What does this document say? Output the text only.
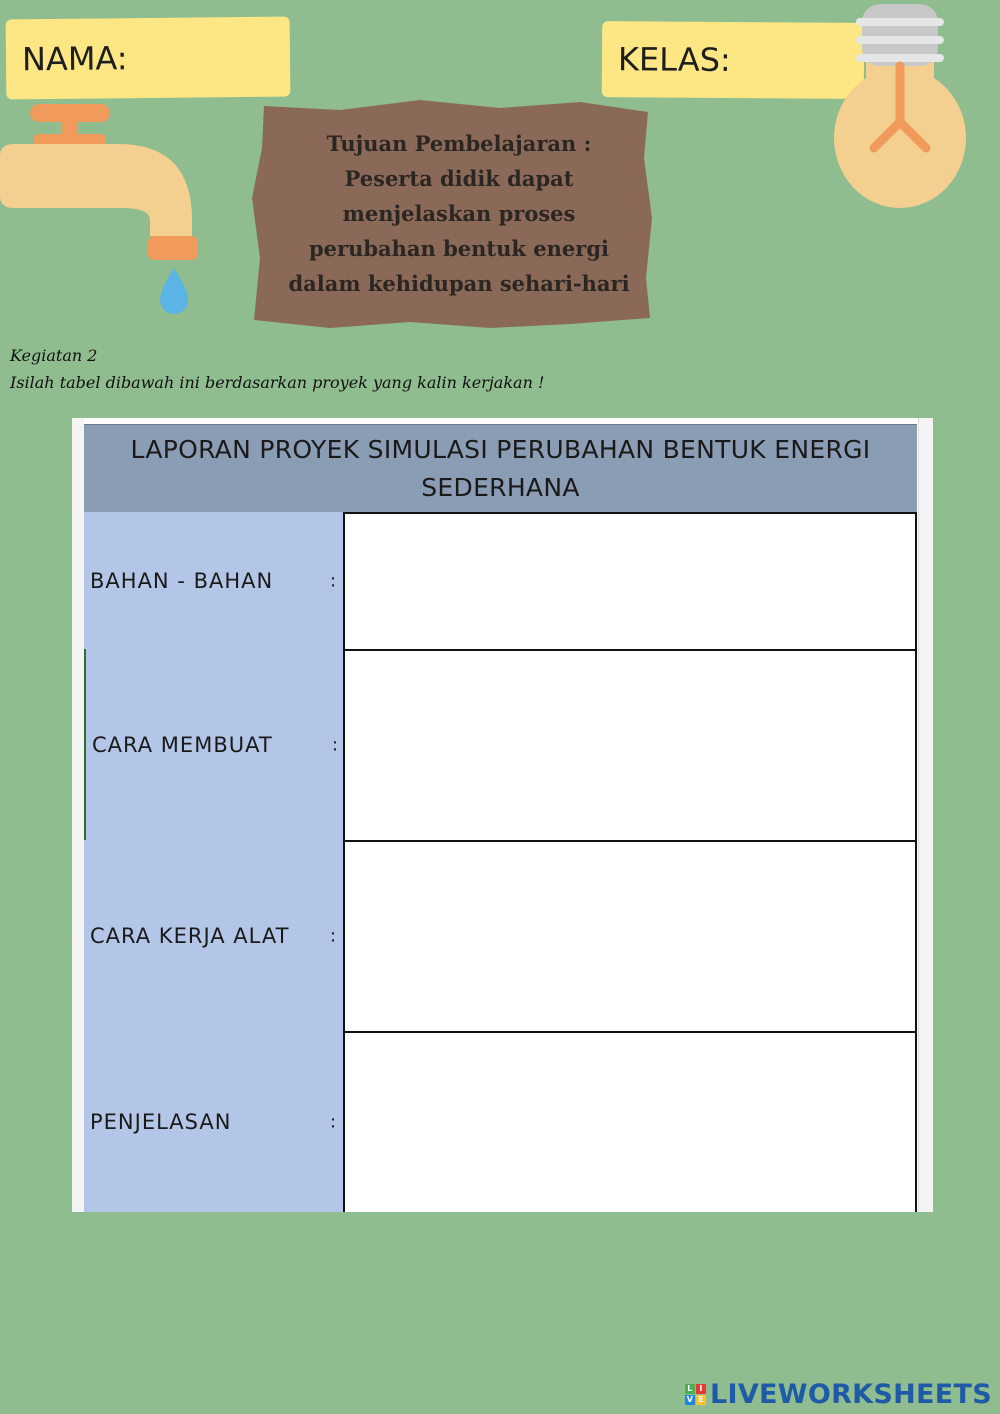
NAMA:	KELAS:
Tujuan Pembelajaran : Peserta didik dapat menjelaskan proses perubahan bentuk energi dalam kehidupan sehari-hari
Kegiatan 2
Isilah tabel dibawah ini berdasarkan proyek yang kalin kerjakan !
LAPORAN PROYEK SIMULASI PERUBAHAN BENTUK ENERGI SEDERHANA
BAHAN - BAHAN	:
CARA MEMBUAT	:
CARA KERJA ALAT :
PENJELASAN	:
L I
V E LIVEWORKSHEETS
